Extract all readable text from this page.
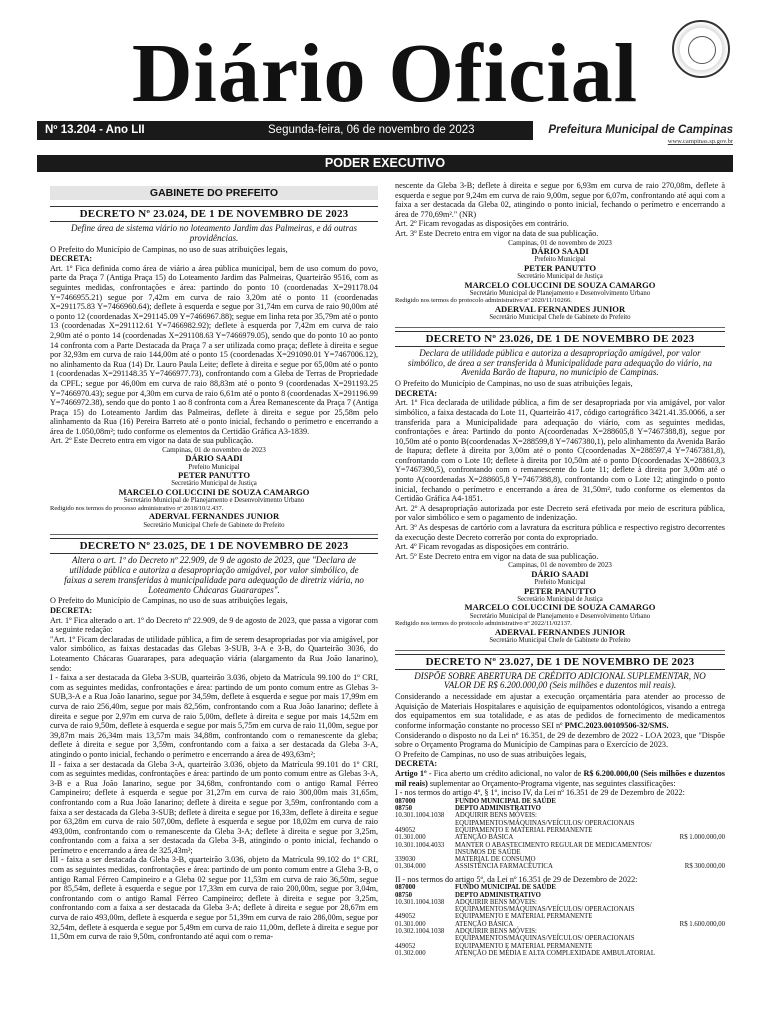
Diário Oficial
Nº 13.204 - Ano LII	Segunda-feira, 06 de novembro de 2023	Prefeitura Municipal de Campinas
www.campinas.sp.gov.br
PODER EXECUTIVO
GABINETE DO PREFEITO
DECRETO Nº 23.024, DE 1 DE NOVEMBRO DE 2023
Define área de sistema viário no loteamento Jardim das Palmeiras, e dá outras providências.
O Prefeito do Município de Campinas, no uso de suas atribuições legais,
DECRETA:
Art. 1º Fica definida como área de viário a área pública municipal, bem de uso comum do povo, parte da Praça 7 (Antiga Praça 15) do Loteamento Jardim das Palmeiras, Quarteirão 9516, com as seguintes medidas, confrontações e área: partindo do ponto 10 (coordenadas X=291178.04 Y=7466955.21) segue por 7,42m em curva de raio 3,20m até o ponto 11 (coordenadas X=291175.83 Y=7466960.64); deflete à esquerda e segue por 31,74m em curva de raio 90,00m até o ponto 12 (coordenadas X=291145.09 Y=7466967.88); segue em linha reta por 35,79m até o ponto 13 (coordenadas X=291112.61 Y=7466982.92); deflete à esquerda por 7,42m em curva de raio 2,90m até o ponto 14 (coordenadas X=291108.63 Y=7466979.05), sendo que do ponto 10 ao ponto 14 confronta com a Parte Destacada da Praça 7 a ser utilizada como praça; deflete à direita e segue por 32,93m em curva de raio 144,00m até o ponto 15 (coordenadas X=291090.01 Y=7467006.12), no alinhamento da Rua (14) Dr. Lauro Paula Leite; deflete à direita e segue por 65,00m até o ponto 1 (coordenadas X=291148.35 Y=7466977.73), confrontando com a Gleba de Terras de Propriedade da CPFL; segue por 46,00m em curva de raio 88,83m até o ponto 9 (coordenadas X=291193.25 Y=7466970.43); segue por 4,30m em curva de raio 6,61m até o ponto 8 (coordenadas X=291196.99 Y=7466972.38), sendo que do ponto 1 ao 8 confronta com a Área Remanescente da Praça 7 (Antiga Praça 15) do Loteamento Jardim das Palmeiras, deflete à direita e segue por 25,58m pelo alinhamento da Rua (16) Pereira Barreto até o ponto inicial, fechando o perímetro e encerrando a área de 1.050,08m²; tudo conforme os elementos da Certidão Gráfica A3-1839.
Art. 2º Este Decreto entra em vigor na data de sua publicação.
Campinas, 01 de novembro de 2023
DÁRIO SAADI
Prefeito Municipal
PETER PANUTTO
Secretário Municipal de Justiça
MARCELO COLUCCINI DE SOUZA CAMARGO
Secretário Municipal de Planejamento e Desenvolvimento Urbano
Redigido nos termos do processo administrativo nº 2018/10/2.437.
ADERVAL FERNANDES JUNIOR
Secretário Municipal Chefe de Gabinete do Prefeito
DECRETO Nº 23.025, DE 1 DE NOVEMBRO DE 2023
Altera o art. 1º do Decreto nº 22.909, de 9 de agosto de 2023, que "Declara de utilidade pública e autoriza a desapropriação amigável, por valor simbólico, de faixas a serem transferidas à municipalidade para adequação de diretriz viária, no Loteamento Chácaras Guararapes".
O Prefeito do Município de Campinas, no uso de suas atribuições legais,
DECRETA:
Art. 1º Fica alterado o art. 1º do Decreto nº 22.909, de 9 de agosto de 2023, que passa a vigorar com a seguinte redação:
"Art. 1º Ficam declaradas de utilidade pública, a fim de serem desapropriadas por via amigável, por valor simbólico, as faixas destacadas das Glebas 3-SUB, 3-A e 3-B, do Quarteirão 3036, do Loteamento Chácaras Guararapes, para adequação viária (alargamento da Rua João Ianarino), sendo:
I - faixa a ser destacada da Gleba 3-SUB, quarteirão 3.036, objeto da Matrícula 99.100 do 1º CRI, com as seguintes medidas, confrontações e área: partindo de um ponto comum entre as Glebas 3-SUB,3-A e a Rua João Ianarino, segue por 34,59m, deflete à esquerda e segue por mais 17,99m em curva de raio 256,40m, segue por mais 82,56m, confrontando com a Rua João Ianarino; deflete à direita e segue por 2,97m em curva de raio 5,00m, deflete à direita e segue por mais 14,52m em curva de raio 9,50m, deflete à esquerda e segue por mais 5,75m em curva de raio 11,00m, segue por 39,87m mais 26,34m mais 13,57m mais 34,88m, confrontando com o remanescente da gleba; deflete à direita e segue por 3,59m, confrontando com a faixa a ser destacada da Gleba 3-A, atingindo o ponto inicial, fechando o perímetro e encerrando a área de 493,63m²;
II - faixa a ser destacada da Gleba 3-A, quarteirão 3.036, objeto da Matrícula 99.101 do 1º CRI, com as seguintes medidas, confrontações e área: partindo de um ponto comum entre as Glebas 3-A, 3-B e a Rua João Ianarino, segue por 34,68m, confrontando com o antigo Ramal Férreo Campineiro; deflete à esquerda e segue por 31,27m em curva de raio 300,00m mais 31,65m, confrontando com a Rua João Ianarino; deflete à direita e segue por 3,59m, confrontando com a faixa a ser destacada da Gleba 3-SUB; deflete à direita e segue por 16,33m, deflete à direita e segue por 63,28m em curva de raio 507,00m, deflete à esquerda e segue por 18,02m em curva de raio 493,00m, confrontando com o remanescente da Gleba 3-A; deflete à direita e segue por 3,25m, confrontando com a faixa a ser destacada da Gleba 3-B, atingindo o ponto inicial, fechando o perímetro e encerrando a área de 325,43m²;
III - faixa a ser destacada da Gleba 3-B, quarteirão 3.036, objeto da Matrícula 99.102 do 1º CRI, com as seguintes medidas, confrontações e área: partindo de um ponto comum entre a Gleba 3-B, o antigo Ramal Férreo Campineiro e a Gleba 02 segue por 11,53m em curva de raio 36,50m, segue por 85,54m, deflete à esquerda e segue por 17,33m em curva de raio 200,00m, segue por 3,04m, confrontando com o antigo Ramal Férreo Campineiro; deflete à direita e segue por 3,25m, confrontando com a faixa a ser destacada da Gleba 3-A; deflete à direita e segue por 28,67m em curva de raio 493,00m, deflete à esquerda e segue por 51,39m em curva de raio 286,00m, segue por 32,54m, deflete à esquerda e segue por 5,49m em curva de raio 11,00m, deflete à direita e segue por 11,50m em curva de raio 9,50m, confrontando até aqui com o rema-
nescente da Gleba 3-B; deflete à direita e segue por 6,93m em curva de raio 270,08m, deflete à esquerda e segue por 9,24m em curva de raio 9,00m, segue por 6,07m, confrontando até aqui com a faixa a ser destacada da Gleba 02, atingindo o ponto inicial, fechando o perímetro e encerrando a área de 770,69m²." (NR)
Art. 2º Ficam revogadas as disposições em contrário.
Art. 3º Este Decreto entra em vigor na data de sua publicação.
Campinas, 01 de novembro de 2023
DÁRIO SAADI
Prefeito Municipal
PETER PANUTTO
Secretário Municipal de Justiça
MARCELO COLUCCINI DE SOUZA CAMARGO
Secretário Municipal de Planejamento e Desenvolvimento Urbano
Redigido nos termos do protocolo administrativo nº 2020/11/10266.
ADERVAL FERNANDES JUNIOR
Secretário Municipal Chefe de Gabinete do Prefeito
DECRETO Nº 23.026, DE 1 DE NOVEMBRO DE 2023
Declara de utilidade pública e autoriza a desapropriação amigável, por valor simbólico, de área a ser transferida à Municipalidade para adequação do viário, na Avenida Barão de Itapura, no município de Campinas.
O Prefeito do Município de Campinas, no uso de suas atribuições legais,
DECRETA:
Art. 1º Fica declarada de utilidade pública, a fim de ser desapropriada por via amigável, por valor simbólico, a faixa destacada do Lote 11, Quarteirão 417, código cartográfico 3421.41.35.0066, a ser transferida para a Municipalidade para adequação do viário, com as seguintes medidas, confrontações e área: Partindo do ponto A(coordenadas X=288605,8 Y=7467388,8), segue por 10,50m até o ponto B(coordenadas X=288599,8 Y=7467380,1), pelo alinhamento da Avenida Barão de Itapura; deflete à direita por 3,00m até o ponto C(coordenadas X=288597,4 Y=7467381,8), confrontando com o Lote 10; deflete à direita por 10,50m até o ponto D(coordenadas X=288603,3 Y=7467390,5), confrontando com o remanescente do Lote 11; deflete à direita por 3,00m até o ponto A(coordenadas X=288605,8 Y=7467388,8), confrontando com o Lote 12; atingindo o ponto inicial, fechando o perímetro e encerrando a área de 31,50m², tudo conforme os elementos da Certidão Gráfica A4-1851.
Art. 2º A desapropriação autorizada por este Decreto será efetivada por meio de escritura pública, por valor simbólico e sem o pagamento de indenização.
Art. 3º As despesas de cartório com a lavratura da escritura pública e respectivo registro decorrentes da execução deste Decreto correrão por conta do expropriado.
Art. 4º Ficam revogadas as disposições em contrário.
Art. 5º Este Decreto entra em vigor na data de sua publicação.
Campinas, 01 de novembro de 2023
DÁRIO SAADI
Prefeito Municipal
PETER PANUTTO
Secretário Municipal de Justiça
MARCELO COLUCCINI DE SOUZA CAMARGO
Secretário Municipal de Planejamento e Desenvolvimento Urbano
Redigido nos termos do protocolo administrativo nº 2022/11/02137.
ADERVAL FERNANDES JUNIOR
Secretário Municipal Chefe de Gabinete do Prefeito
DECRETO Nº 23.027, DE 1 DE NOVEMBRO DE 2023
DISPÕE SOBRE ABERTURA DE CRÉDITO ADICIONAL SUPLEMENTAR, NO VALOR DE R$ 6.200.000,00 (Seis milhões e duzentos mil reais).
Considerando a necessidade em ajustar a execução orçamentária para atender ao processo de Aquisição de Materiais Hospitalares e aquisição de equipamentos odontológicos, visando a entrega dos equipamentos em sua totalidade, e as atas de pedidos de fornecimento de medicamentos conforme informação constante no processo SEI nº PMC.2023.00109506-32/SMS.
Considerando o disposto no da Lei nº 16.351, de 29 de dezembro de 2022 - LOA 2023, que "Dispõe sobre o Orçamento Programa do Município de Campinas para o Exercício de 2023.
O Prefeito de Campinas, no uso de suas atribuições legais,
DECRETA:
Artigo 1º - Fica aberto um crédito adicional, no valor de R$ 6.200.000,00 (Seis milhões e duzentos mil reais) suplementar ao Orçamento-Programa vigente, nas seguintes classificações:
I - nos termos do artigo 4º, § 1º, inciso IV, da Lei nº 16.351 de 29 de Dezembro de 2022:
087000	FUNDO MUNICIPAL DE SAÚDE
08750	DEPTO ADMINISTRATIVO
10.301.1004.1038	ADQUIRIR BENS MÓVEIS: EQUIPAMENTOS/MÁQUINAS/VEÍCULOS/ OPERACIONAIS
449052	EQUIPAMENTO E MATERIAL PERMANENTE
01.301.000	ATENÇÃO BÁSICA	R$ 1.000.000,00
10.301.1004.4033	MANTER O ABASTECIMENTO REGULAR DE MEDICAMENTOS/ INSUMOS DE SAÚDE
339030	MATERIAL DE CONSUMO
01.304.000	ASSISTÊNCIA FARMACÊUTICA	R$ 300.000,00
II - nos termos do artigo 5º, da Lei nº 16.351 de 29 de Dezembro de 2022:
087000	FUNDO MUNICIPAL DE SAÚDE
08750	DEPTO ADMINISTRATIVO
10.301.1004.1038	ADQUIRIR BENS MÓVEIS: EQUIPAMENTOS/MÁQUINAS/VEÍCULOS/ OPERACIONAIS
449052	EQUIPAMENTO E MATERIAL PERMANENTE
01.301.000	ATENÇÃO BÁSICA	R$ 1.600.000,00
10.302.1004.1038	ADQUIRIR BENS MÓVEIS: EQUIPAMENTOS/MÁQUINAS/VEÍCULOS/ OPERACIONAIS
449052	EQUIPAMENTO E MATERIAL PERMANENTE
01.302.000	ATENÇÃO DE MÉDIA E ALTA COMPLEXIDADE AMBULATORIAL
